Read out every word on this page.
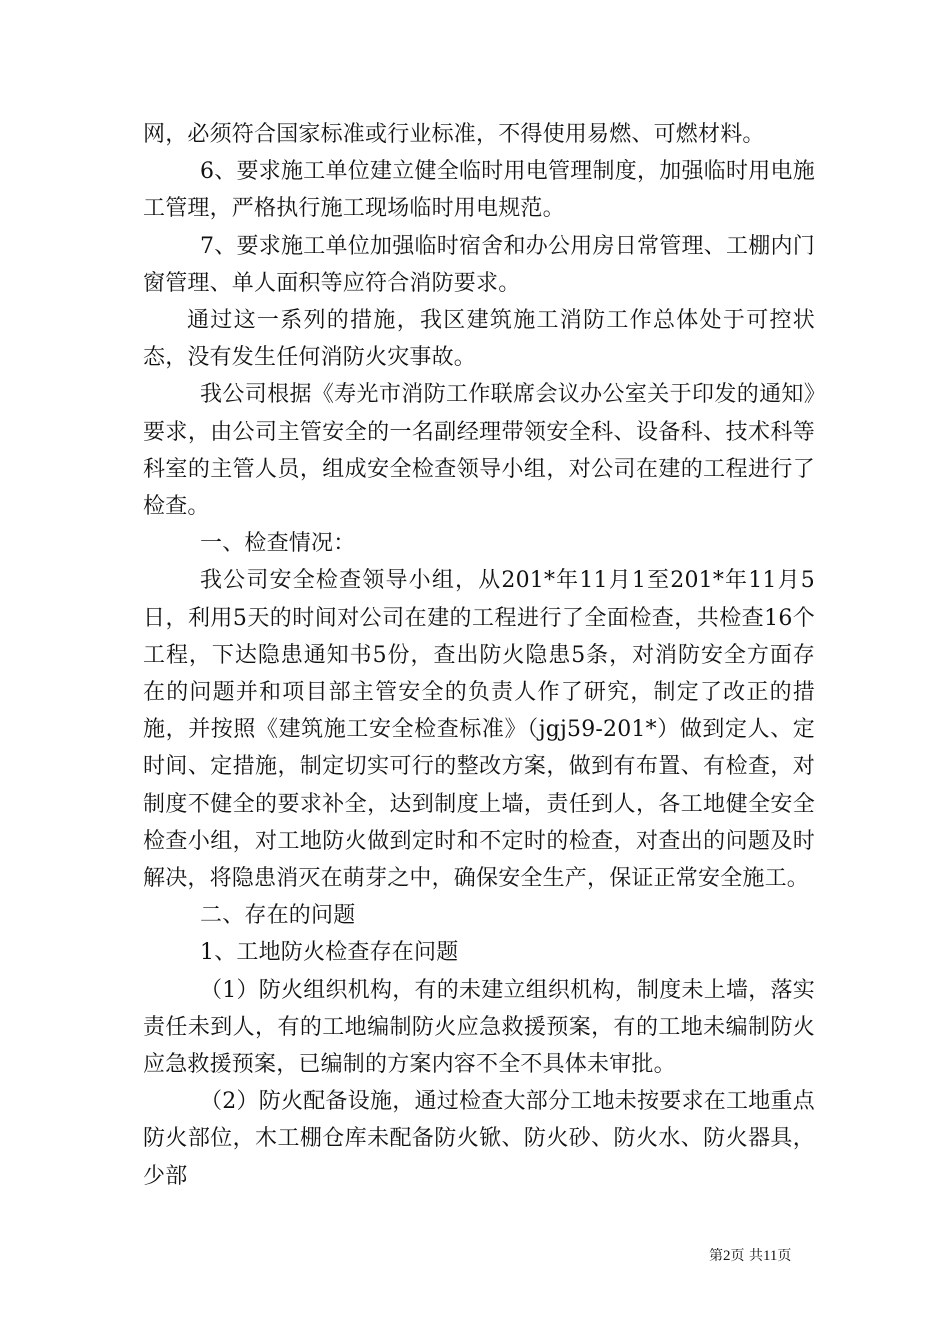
网，必须符合国家标准或行业标准，不得使用易燃、可燃材料。

6、要求施工单位建立健全临时用电管理制度，加强临时用电施工管理，严格执行施工现场临时用电规范。

7、要求施工单位加强临时宿舍和办公用房日常管理、工棚内门窗管理、单人面积等应符合消防要求。

通过这一系列的措施，我区建筑施工消防工作总体处于可控状态，没有发生任何消防火灾事故。

我公司根据《寿光市消防工作联席会议办公室关于印发的通知》要求，由公司主管安全的一名副经理带领安全科、设备科、技术科等科室的主管人员，组成安全检查领导小组，对公司在建的工程进行了检查。

一、检查情况：

我公司安全检查领导小组，从201*年11月1至201*年11月5日，利用5天的时间对公司在建的工程进行了全面检查，共检查16个工程，下达隐患通知书5份，查出防火隐患5条，对消防安全方面存在的问题并和项目部主管安全的负责人作了研究，制定了改正的措施，并按照《建筑施工安全检查标准》（jgj59-201*）做到定人、定时间、定措施，制定切实可行的整改方案，做到有布置、有检查，对制度不健全的要求补全，达到制度上墙，责任到人，各工地健全安全检查小组，对工地防火做到定时和不定时的检查，对查出的问题及时解决，将隐患消灭在萌芽之中，确保安全生产，保证正常安全施工。

二、存在的问题

1、工地防火检查存在问题

（1）防火组织机构，有的未建立组织机构，制度未上墙，落实责任未到人，有的工地编制防火应急救援预案，有的工地未编制防火应急救援预案，已编制的方案内容不全不具体未审批。

（2）防火配备设施，通过检查大部分工地未按要求在工地重点防火部位，木工棚仓库未配备防火锨、防火砂、防火水、防火器具，少部

第2页 共11页
